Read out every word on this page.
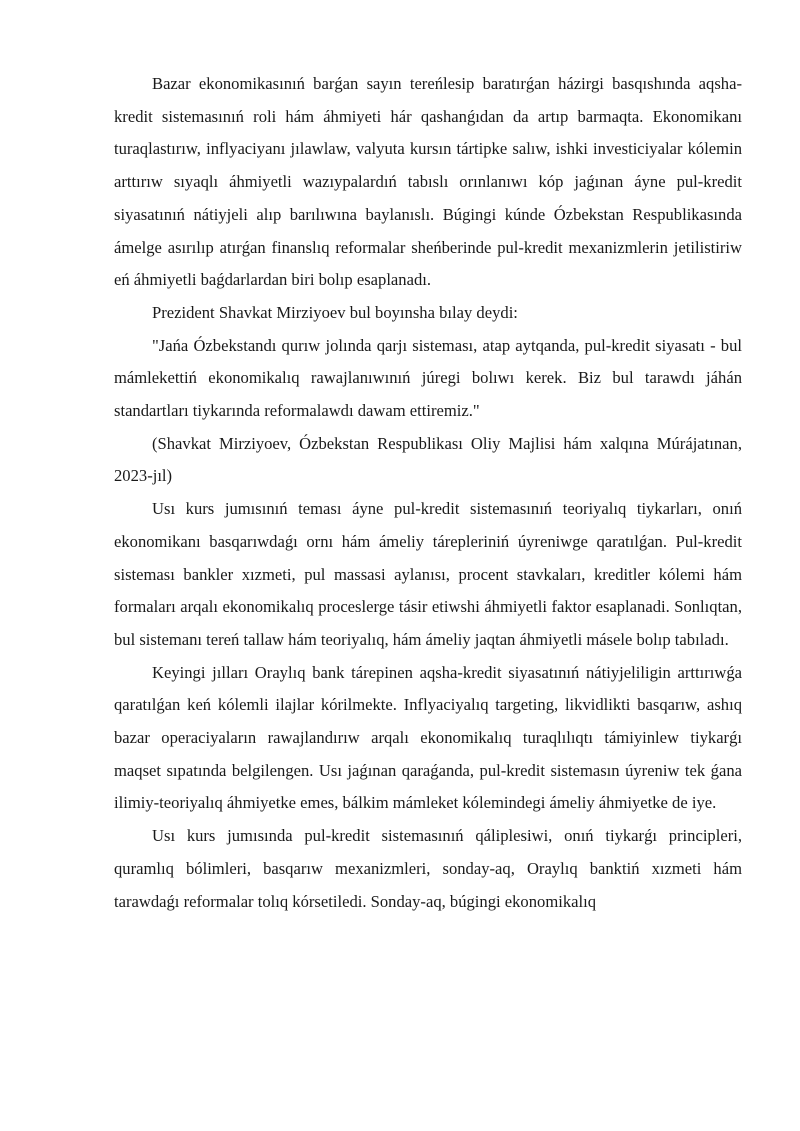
Bazar ekonomikasınıń barǵan sayın tereńlesip baratırǵan házirgi basqıshında aqsha-kredit sistemasınıń roli hám áhmiyeti hár qashanǵıdan da artıp barmaqta. Ekonomikanı turaqlastırıw, inflyaciyanı jılawlaw, valyuta kursın tártipke salıw, ishki investiciyalar kólemin arttırıw sıyaqlı áhmiyetli wazıypalardıń tabıslı orınlanıwı kóp jaǵınan áyne pul-kredit siyasatınıń nátiyjeli alıp barılıwına baylanıslı. Búgingi kúnde Ózbekstan Respublikasında ámelge asırılıp atırǵan finanslıq reformalar sheńberinde pul-kredit mexanizmlerin jetilistiriw eń áhmiyetli baǵdarlardan biri bolıp esaplanadı.

Prezident Shavkat Mirziyoev bul boyınsha bılay deydi:

"Jańa Ózbekstandı qurıw jolında qarjı sisteması, atap aytqanda, pul-kredit siyasatı - bul mámlekettiń ekonomikalıq rawajlanıwınıń júregi bolıwı kerek. Biz bul tarawdı jáhán standartları tiykarında reformalawdı dawam ettiremiz."

(Shavkat Mirziyoev, Ózbekstan Respublikası Oliy Majlisi hám xalqına Múrájatınan, 2023-jıl)

Usı kurs jumısınıń teması áyne pul-kredit sistemasınıń teoriyalıq tiykarları, onıń ekonomikanı basqarıwdaǵı ornı hám ámeliy tárepleriniń úyreniwge qaratılǵan. Pul-kredit sisteması bankler xızmeti, pul massasi aylanısı, procent stavkaları, kreditler kólemi hám formaları arqalı ekonomikalıq proceslerge tásir etiwshi áhmiyetli faktor esaplanadi. Sonlıqtan, bul sistemanı tereń tallaw hám teoriyalıq, hám ámeliy jaqtan áhmiyetli másele bolıp tabıladı.

Keyingi jılları Oraylıq bank tárepinen aqsha-kredit siyasatınıń nátiyjeliligin arttırıwǵa qaratılǵan keń kólemli ilajlar kórilmekte. Inflyaciyalıq targeting, likvidlikti basqarıw, ashıq bazar operaciyaların rawajlandırıw arqalı ekonomikalıq turaqlılıqtı támiyinlew tiykarǵı maqset sıpatında belgilengen. Usı jaǵınan qaraǵanda, pul-kredit sistemasın úyreniw tek ǵana ilimiy-teoriyalıq áhmiyetke emes, bálkim mámleket kólemindegi ámeliy áhmiyetke de iye.

Usı kurs jumısında pul-kredit sistemasınıń qáliplesiwi, onıń tiykarǵı principleri, quramlıq bólimleri, basqarıw mexanizmleri, sonday-aq, Oraylıq banktiń xızmeti hám tarawdaǵı reformalar tolıq kórsetiledi. Sonday-aq, búgingi ekonomikalıq
